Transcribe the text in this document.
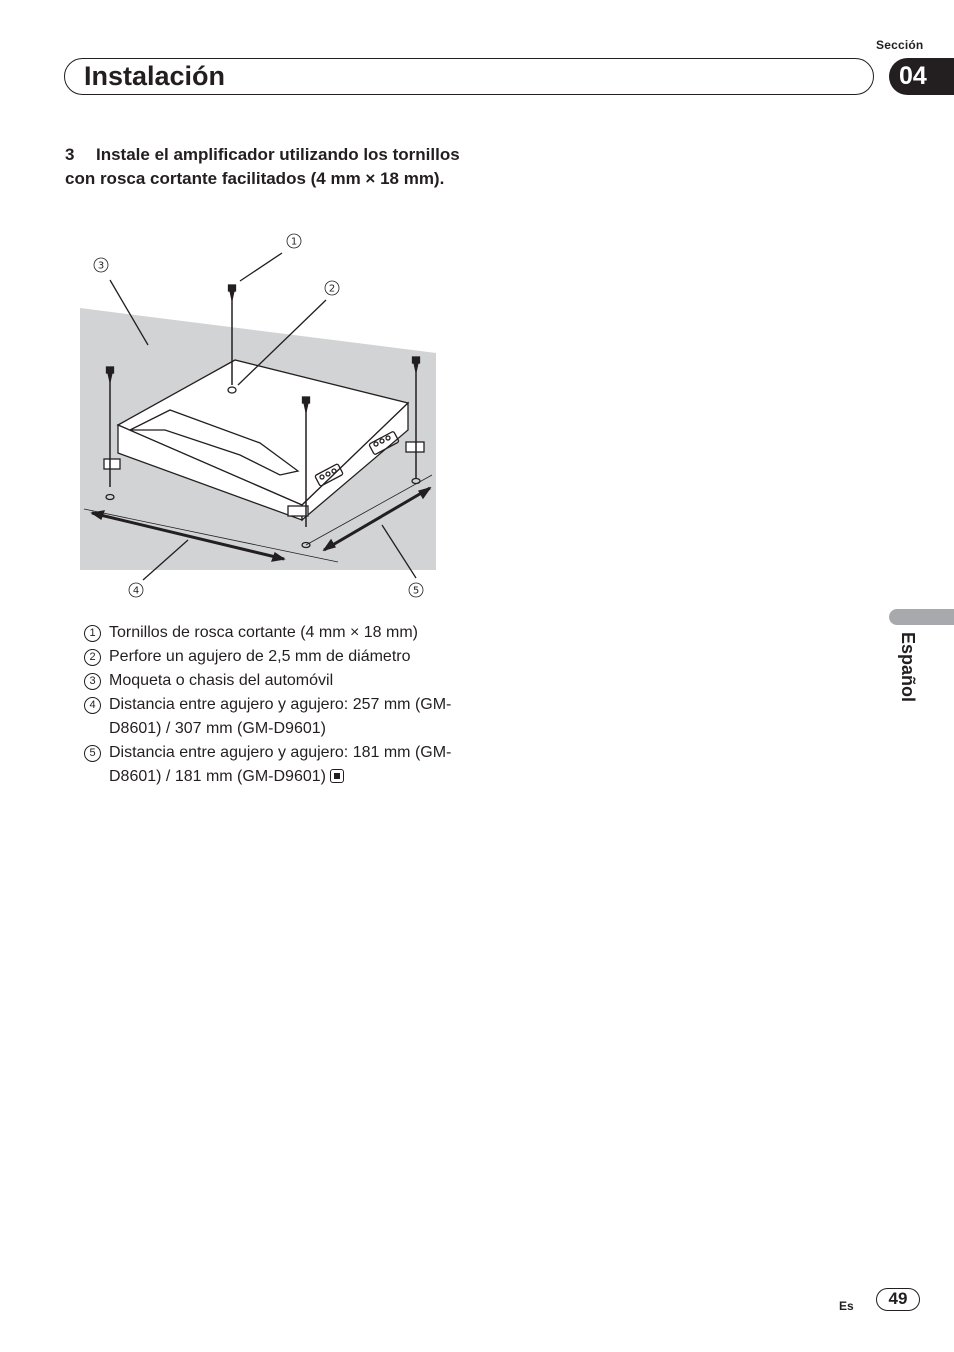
Sección
Instalación	04
3 Instale el amplificador utilizando los tornillos con rosca cortante facilitados (4 mm × 18 mm).
1
2
3
4	5
1 Tornillos de rosca cortante (4 mm × 18 mm)
2 Perfore un agujero de 2,5 mm de diámetro
3 Moqueta o chasis del automóvil
4 Distancia entre agujero y agujero: 257 mm (GM-D8601) / 307 mm (GM-D9601)
5 Distancia entre agujero y agujero: 181 mm (GM-D8601) / 181 mm (GM-D9601)
Español
Es	49
